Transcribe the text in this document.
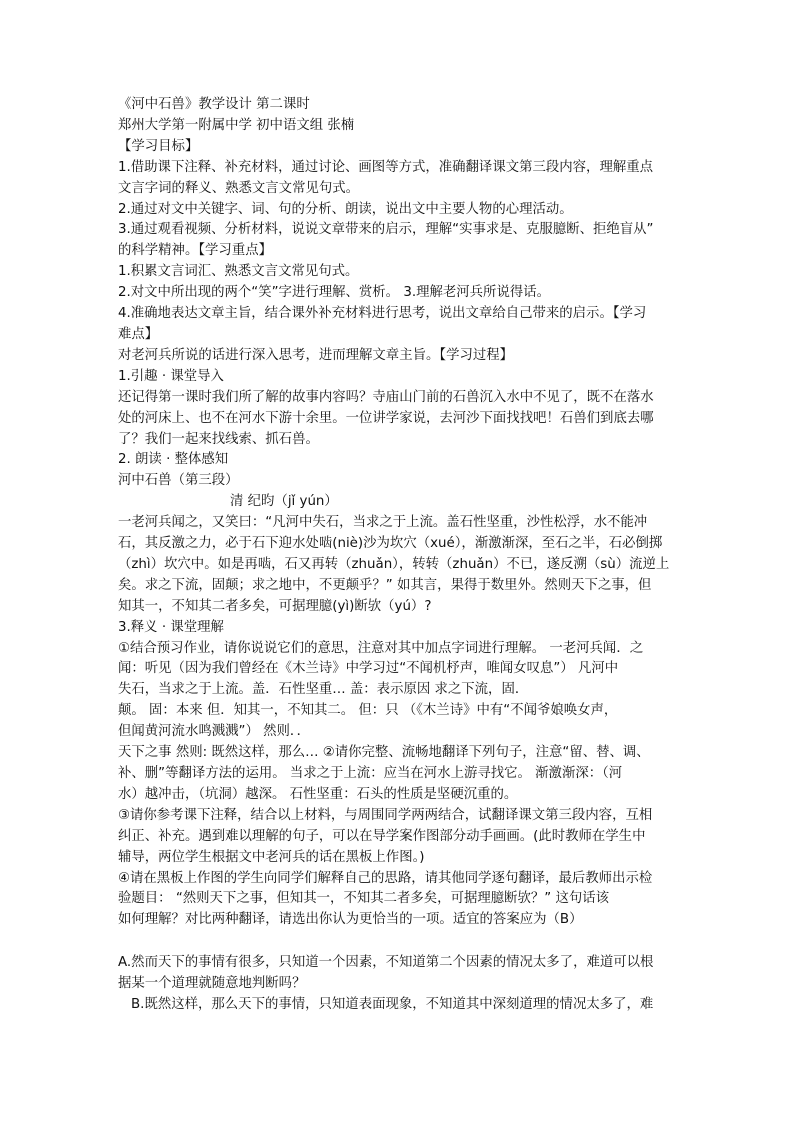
《河中石兽》教学设计 第二课时
郑州大学第一附属中学 初中语文组 张楠
【学习目标】
1.借助课下注释、补充材料，通过讨论、画图等方式，准确翻译课文第三段内容，理解重点
文言字词的释义、熟悉文言文常见句式。
2.通过对文中关键字、词、句的分析、朗读，说出文中主要人物的心理活动。
3.通过观看视频、分析材料，说说文章带来的启示，理解“实事求是、克服臆断、拒绝盲从”
的科学精神。【学习重点】
1.积累文言词汇、熟悉文言文常见句式。
2.对文中所出现的两个“笑”字进行理解、赏析。 3.理解老河兵所说得话。
4.准确地表达文章主旨，结合课外补充材料进行思考，说出文章给自己带来的启示。【学习
难点】
对老河兵所说的话进行深入思考，进而理解文章主旨。【学习过程】
1.引趣 · 课堂导入
还记得第一课时我们所了解的故事内容吗？寺庙山门前的石兽沉入水中不见了，既不在落水
处的河床上、也不在河水下游十余里。一位讲学家说，去河沙下面找找吧！石兽们到底去哪
了？我们一起来找线索、抓石兽。
2. 朗读 · 整体感知
河中石兽（第三段）
清 纪昀（jǐ yún）
一老河兵闻之，又笑曰：“凡河中失石，当求之于上流。盖石性坚重，沙性松浮，水不能冲
石，其反激之力，必于石下迎水处啮(niè)沙为坎穴（xué），渐激渐深，至石之半，石必倒掷
（zhì）坎穴中。如是再啮，石又再转（zhuǎn），转转（zhuǎn）不已，遂反溯（sù）流逆上
矣。求之下流，固颠；求之地中，不更颠乎？” 如其言，果得于数里外。然则天下之事，但
知其一，不知其二者多矣，可据理臆(yì)断欤（yú）?
3.释义 · 课堂理解
①结合预习作业，请你说说它们的意思，注意对其中加点字词进行理解。 一老河兵闻．之
闻：听见（因为我们曾经在《木兰诗》中学习过“不闻机杼声，唯闻女叹息”） 凡河中
失石，当求之于上流。盖．石性坚重… 盖：表示原因 求之下流，固．
颠。 固：本来 但．知其一，不知其二。 但：只 （《木兰诗》中有“不闻爷娘唤女声，
但闻黄河流水鸣溅溅”） 然则．．
天下之事 然则: 既然这样，那么… ②请你完整、流畅地翻译下列句子，注意“留、替、调、
补、删”等翻译方法的运用。 当求之于上流：应当在河水上游寻找它。 渐激渐深：（河
水）越冲击，（坑洞）越深。 石性坚重：石头的性质是坚硬沉重的。
③请你参考课下注释，结合以上材料，与周围同学两两结合，试翻译课文第三段内容，互相
纠正、补充。遇到难以理解的句子，可以在导学案作图部分动手画画。(此时教师在学生中
辅导，两位学生根据文中老河兵的话在黑板上作图。)
④请在黑板上作图的学生向同学们解释自己的思路，请其他同学逐句翻译，最后教师出示检
验题目： “然则天下之事，但知其一，不知其二者多矣，可据理臆断欤？” 这句话该
如何理解？对比两种翻译，请选出你认为更恰当的一项。适宜的答案应为（B）
A.然而天下的事情有很多，只知道一个因素，不知道第二个因素的情况太多了，难道可以根
据某一个道理就随意地判断吗？
B.既然这样，那么天下的事情，只知道表面现象，不知道其中深刻道理的情况太多了，难
